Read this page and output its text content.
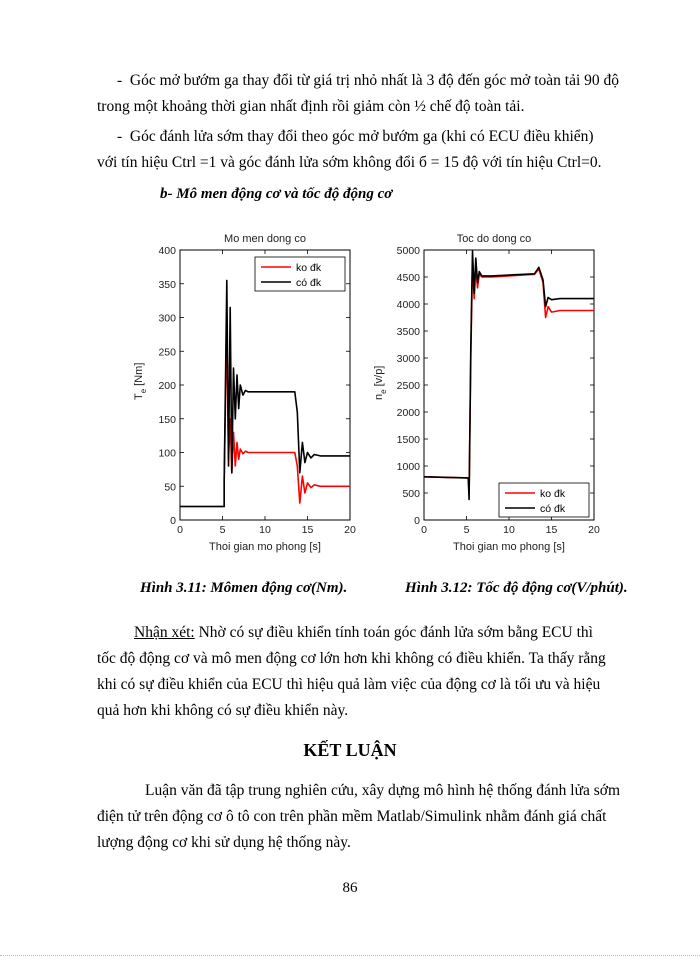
- Góc mở bướm ga thay đổi từ giá trị nhỏ nhất là 3 độ đến góc mở toàn tải 90 độ
trong một khoảng thời gian nhất định rồi giảm còn ½ chế độ toàn tải.
- Góc đánh lửa sớm thay đổi theo góc mở bướm ga (khi có ECU điều khiển)
với tín hiệu Ctrl =1 và góc đánh lửa sớm không đổi б = 15 độ với tín hiệu Ctrl=0.
b- Mô men động cơ và tốc độ động cơ
Mo men dong co
0
50
100
150
200
250
300
350
400
0	5	10	15	20
ko đk
có đk
$T_e[Nm]$
Thoi gian mo phong [s]
Toc do dong co
0
500
1000
1500
2000
2500
3000
3500
4000
4500
5000
0	5	10	15	20
ko đk
có đk
$n_e[v/p]$
Thoi gian mo phong [s]
Hình 3.11: Mômen động cơ(Nm).	Hình 3.12: Tốc độ động cơ(V/phút).
Nhận xét: Nhờ có sự điều khiển tính toán góc đánh lửa sớm bằng ECU thì
tốc độ động cơ và mô men động cơ lớn hơn khi không có điều khiển. Ta thấy rằng
khi có sự điều khiển của ECU thì hiệu quả làm việc của động cơ là tối ưu và hiệu
quả hơn khi không có sự điều khiển này.
KẾT LUẬN
Luận văn đã tập trung nghiên cứu, xây dựng mô hình hệ thống đánh lửa sớm
điện tử trên động cơ ô tô con trên phần mềm Matlab/Simulink nhằm đánh giá chất
lượng động cơ khi sử dụng hệ thống này.
86
